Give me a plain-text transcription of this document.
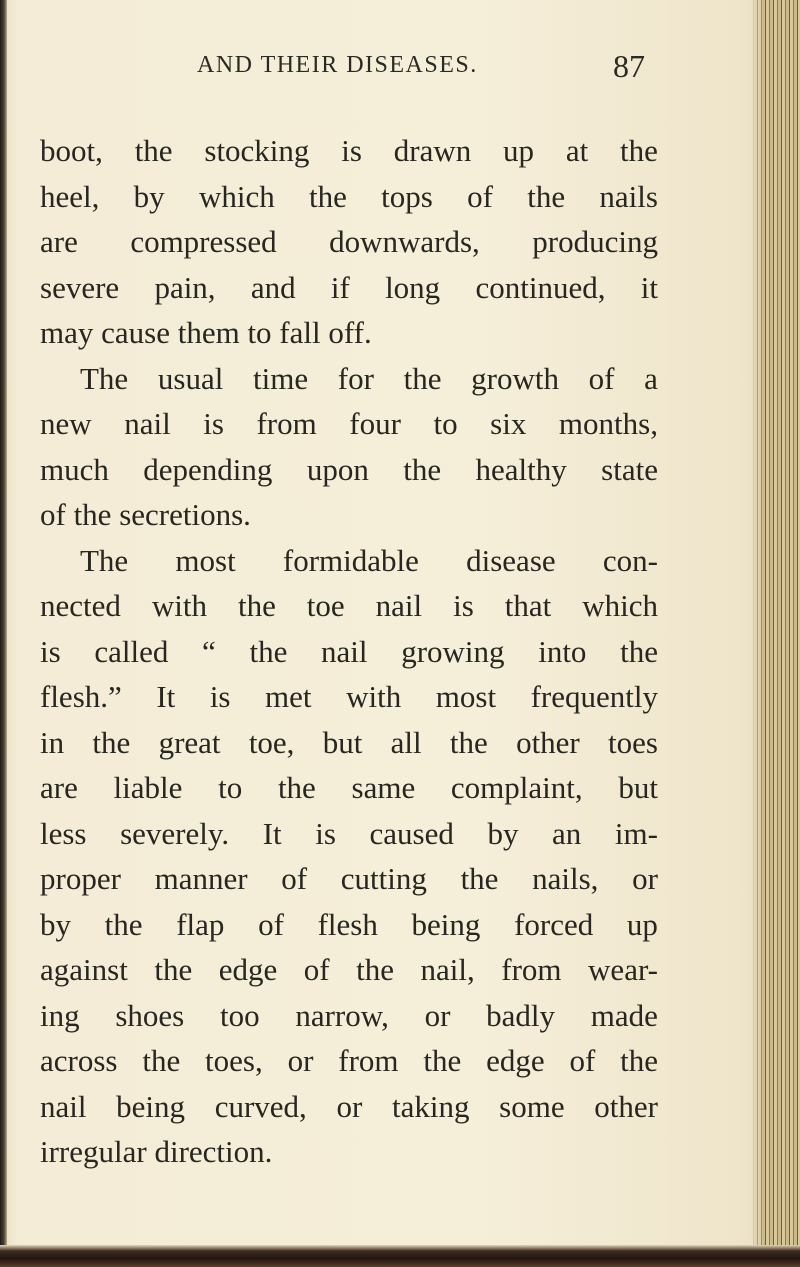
AND THEIR DISEASES.	87
boot, the stocking is drawn up at the
heel, by which the tops of the nails
are compressed downwards, producing
severe pain, and if long continued, it
may cause them to fall off.
The usual time for the growth of a
new nail is from four to six months,
much depending upon the healthy state
of the secretions.
The most formidable disease con-
nected with the toe nail is that which
is called “ the nail growing into the
flesh.” It is met with most frequently
in the great toe, but all the other toes
are liable to the same complaint, but
less severely. It is caused by an im-
proper manner of cutting the nails, or
by the flap of flesh being forced up
against the edge of the nail, from wear-
ing shoes too narrow, or badly made
across the toes, or from the edge of the
nail being curved, or taking some other
irregular direction.
